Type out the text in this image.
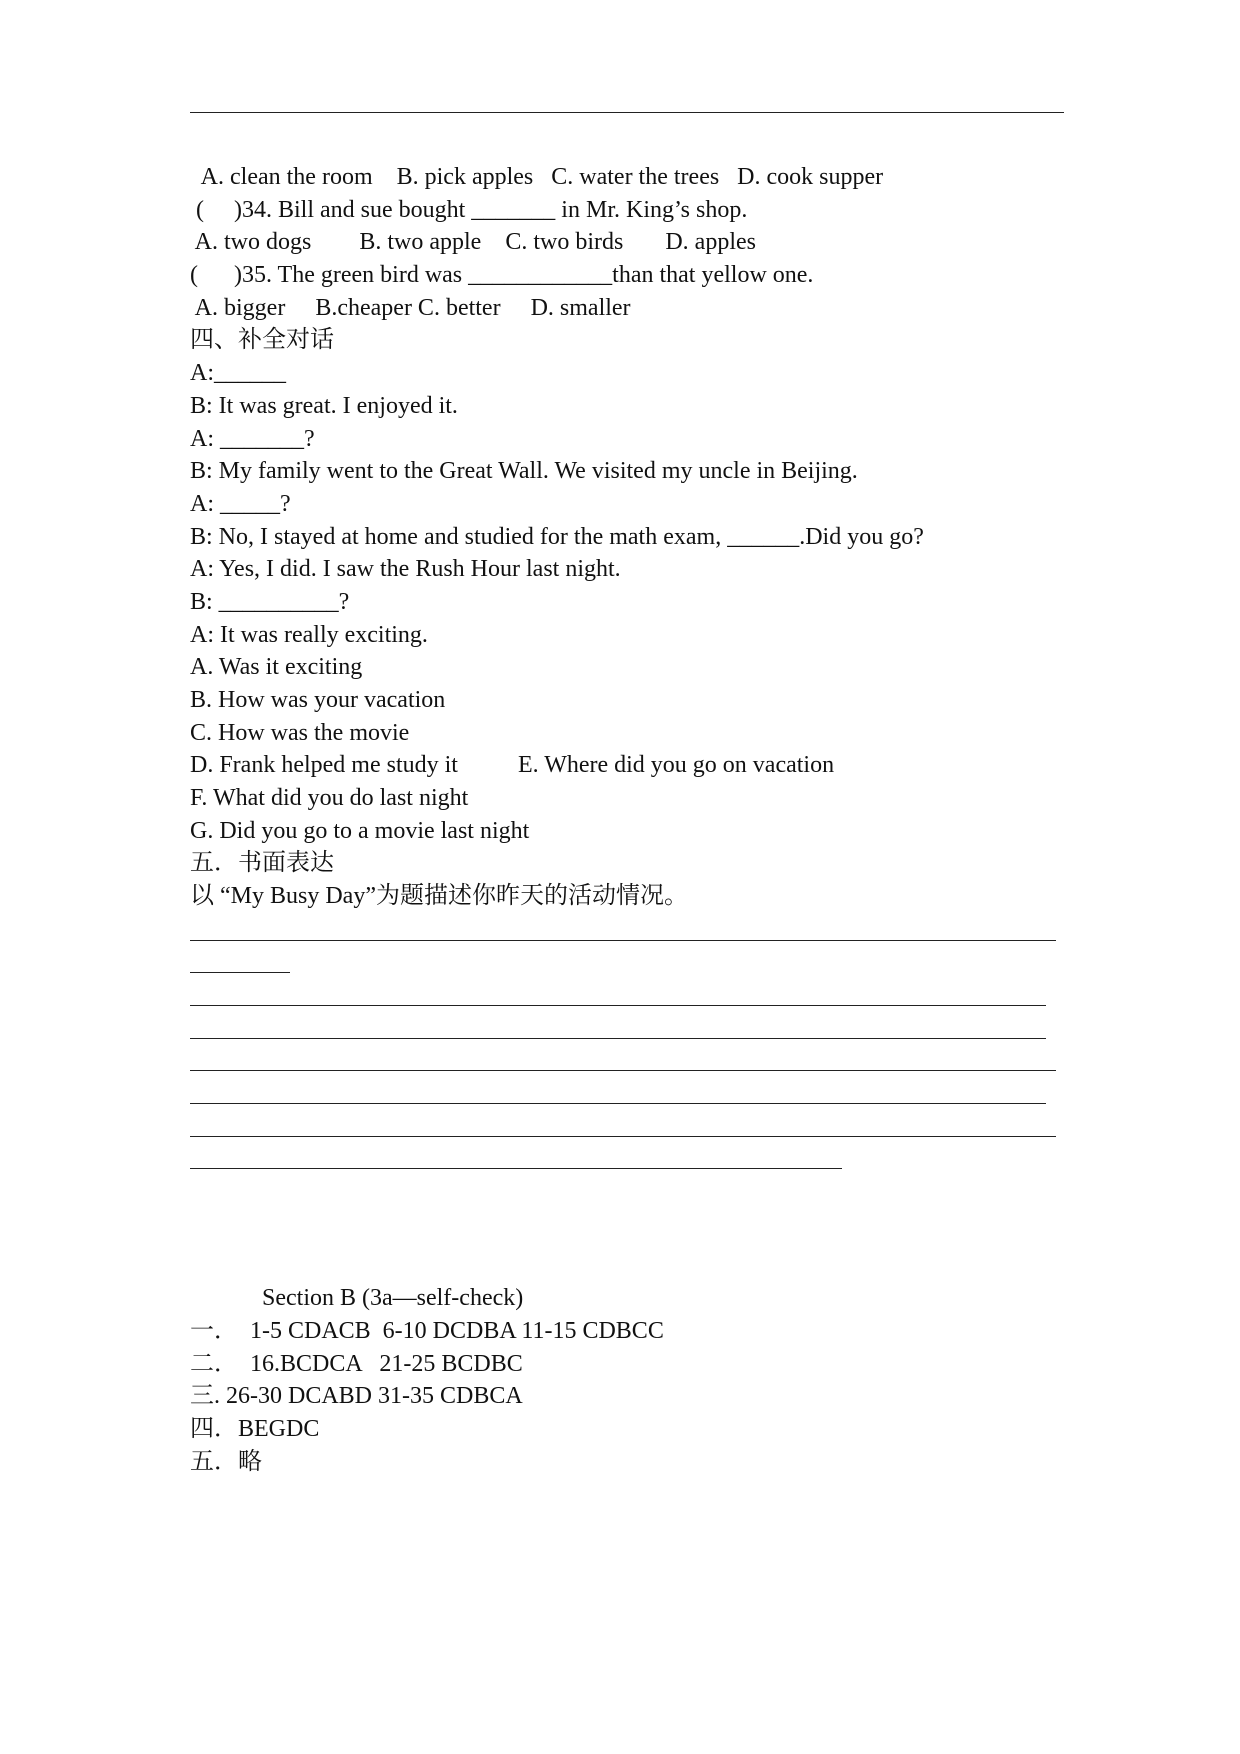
A. clean the room    B. pick apples   C. water the trees   D. cook supper
(     )34. Bill and sue bought _______ in Mr. King’s shop.
A. two dogs        B. two apple    C. two birds       D. apples
(      )35. The green bird was ____________than that yellow one.
A. bigger     B.cheaper C. better     D. smaller
四、补全对话
A:______
B: It was great. I enjoyed it.
A: _______?
B: My family went to the Great Wall. We visited my uncle in Beijing.
A: _____?
B: No, I stayed at home and studied for the math exam, ______.Did you go?
A: Yes, I did. I saw the Rush Hour last night.
B: __________?
A: It was really exciting.
A. Was it exciting
B. How was your vacation
C. How was the movie
D. Frank helped me study it          E. Where did you go on vacation
F. What did you do last night
G. Did you go to a movie last night
五．书面表达
以 “My Busy Day”为题描述你昨天的活动情况。
Section B (3a—self-check)
一．  1-5 CDACB  6-10 DCDBA 11-15 CDBCC
二．  16.BCDCA   21-25 BCDBC
三. 26-30 DCABD 31-35 CDBCA
四．BEGDC
五．略
